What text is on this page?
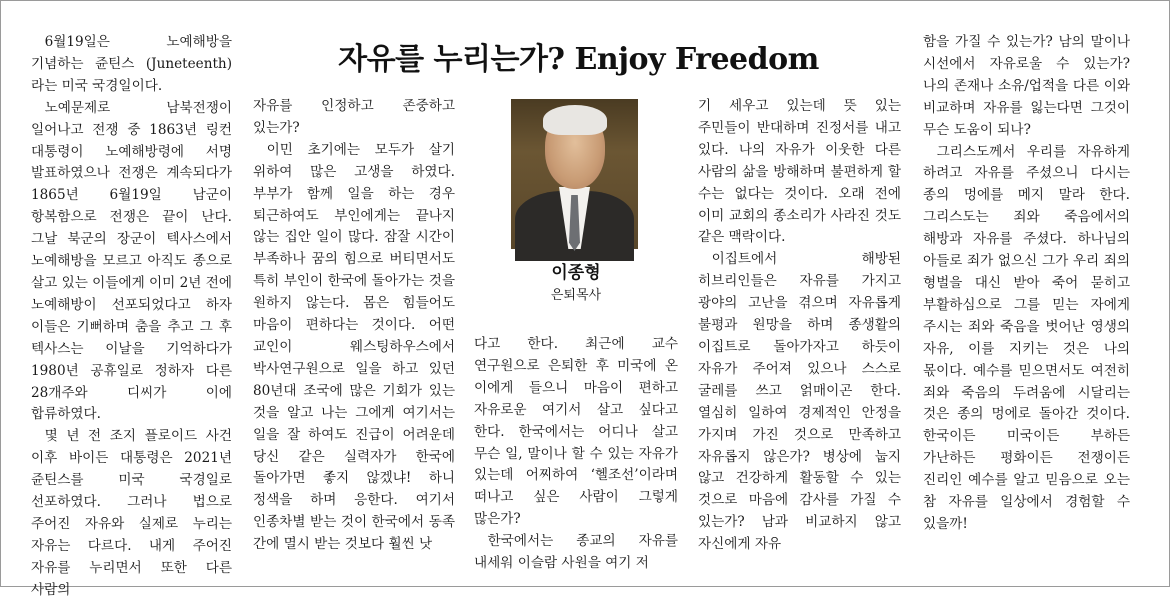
자유를 누리는가? Enjoy Freedom

6월19일은 노예해방을 기념하는 쥰틴스 (Juneteenth)라는 미국 국경일이다.

노예문제로 남북전쟁이 일어나고 전쟁 중 1863년 링컨 대통령이 노예해방령에 서명 발표하였으나 전쟁은 계속되다가 1865년 6월19일 남군이 항복함으로 전쟁은 끝이 난다. 그날 북군의 장군이 텍사스에서 노예해방을 모르고 아직도 종으로 살고 있는 이들에게 이미 2년 전에 노예해방이 선포되었다고 하자 이들은 기뻐하며 춤을 추고 그 후 텍사스는 이날을 기억하다가 1980년 공휴일로 정하자 다른 28개주와 디씨가 이에 합류하였다.

몇 년 전 조지 플로이드 사건 이후 바이든 대통령은 2021년 쥰틴스를 미국 국경일로 선포하였다. 그러나 법으로 주어진 자유와 실제로 누리는 자유는 다르다. 내게 주어진 자유를 누리면서 또한 다른 사람의

자유를 인정하고 존중하고 있는가?

이민 초기에는 모두가 살기 위하여 많은 고생을 하였다. 부부가 함께 일을 하는 경우 퇴근하여도 부인에게는 끝나지 않는 집안 일이 많다. 잠잘 시간이 부족하나 꿈의 힘으로 버티면서도 특히 부인이 한국에 돌아가는 것을 원하지 않는다. 몸은 힘들어도 마음이 편하다는 것이다. 어떤 교인이 웨스팅하우스에서 박사연구원으로 일을 하고 있던 80년대 조국에 많은 기회가 있는 것을 알고 나는 그에게 여기서는 일을 잘 하여도 진급이 어려운데 당신 같은 실력자가 한국에 돌아가면 좋지 않겠냐! 하니 정색을 하며 응한다. 여기서 인종차별 받는 것이 한국에서 동족 간에 멸시 받는 것보다 훨씬 낫

이종형
은퇴목사

다고 한다. 최근에 교수 연구원으로 은퇴한 후 미국에 온 이에게 들으니 마음이 편하고 자유로운 여기서 살고 싶다고 한다. 한국에서는 어디나 살고 무슨 일, 말이나 할 수 있는 자유가 있는데 어찌하여 ‘헬조선’이라며 떠나고 싶은 사람이 그렇게 많은가?

한국에서는 종교의 자유를 내세워 이슬람 사원을 여기 저

기 세우고 있는데 뜻 있는 주민들이 반대하며 진정서를 내고 있다. 나의 자유가 이웃한 다른 사람의 삶을 방해하며 불편하게 할 수는 없다는 것이다. 오래 전에 이미 교회의 종소리가 사라진 것도 같은 맥락이다.

이집트에서 해방된 히브리인들은 자유를 가지고 광야의 고난을 겪으며 자유롭게 불평과 원망을 하며 종생활의 이집트로 돌아가자고 하듯이 자유가 주어져 있으나 스스로 굴레를 쓰고 얽매이곤 한다. 열심히 일하여 경제적인 안정을 가지며 가진 것으로 만족하고 자유롭지 않은가? 병상에 눕지 않고 건강하게 활동할 수 있는 것으로 마음에 감사를 가질 수 있는가? 남과 비교하지 않고 자신에게 자유

함을 가질 수 있는가? 남의 말이나 시선에서 자유로울 수 있는가? 나의 존재나 소유/업적을 다른 이와 비교하며 자유를 잃는다면 그것이 무슨 도움이 되나?

그리스도께서 우리를 자유하게 하려고 자유를 주셨으니 다시는 종의 멍에를 메지 말라 한다. 그리스도는 죄와 죽음에서의 해방과 자유를 주셨다. 하나님의 아들로 죄가 없으신 그가 우리 죄의 형벌을 대신 받아 죽어 묻히고 부활하심으로 그를 믿는 자에게 주시는 죄와 죽음을 벗어난 영생의 자유, 이를 지키는 것은 나의 몫이다. 예수를 믿으면서도 여전히 죄와 죽음의 두려움에 시달리는 것은 종의 멍에로 돌아간 것이다. 한국이든 미국이든 부하든 가난하든 평화이든 전쟁이든 진리인 예수를 알고 믿음으로 오는 참 자유를 일상에서 경험할 수 있을까!
